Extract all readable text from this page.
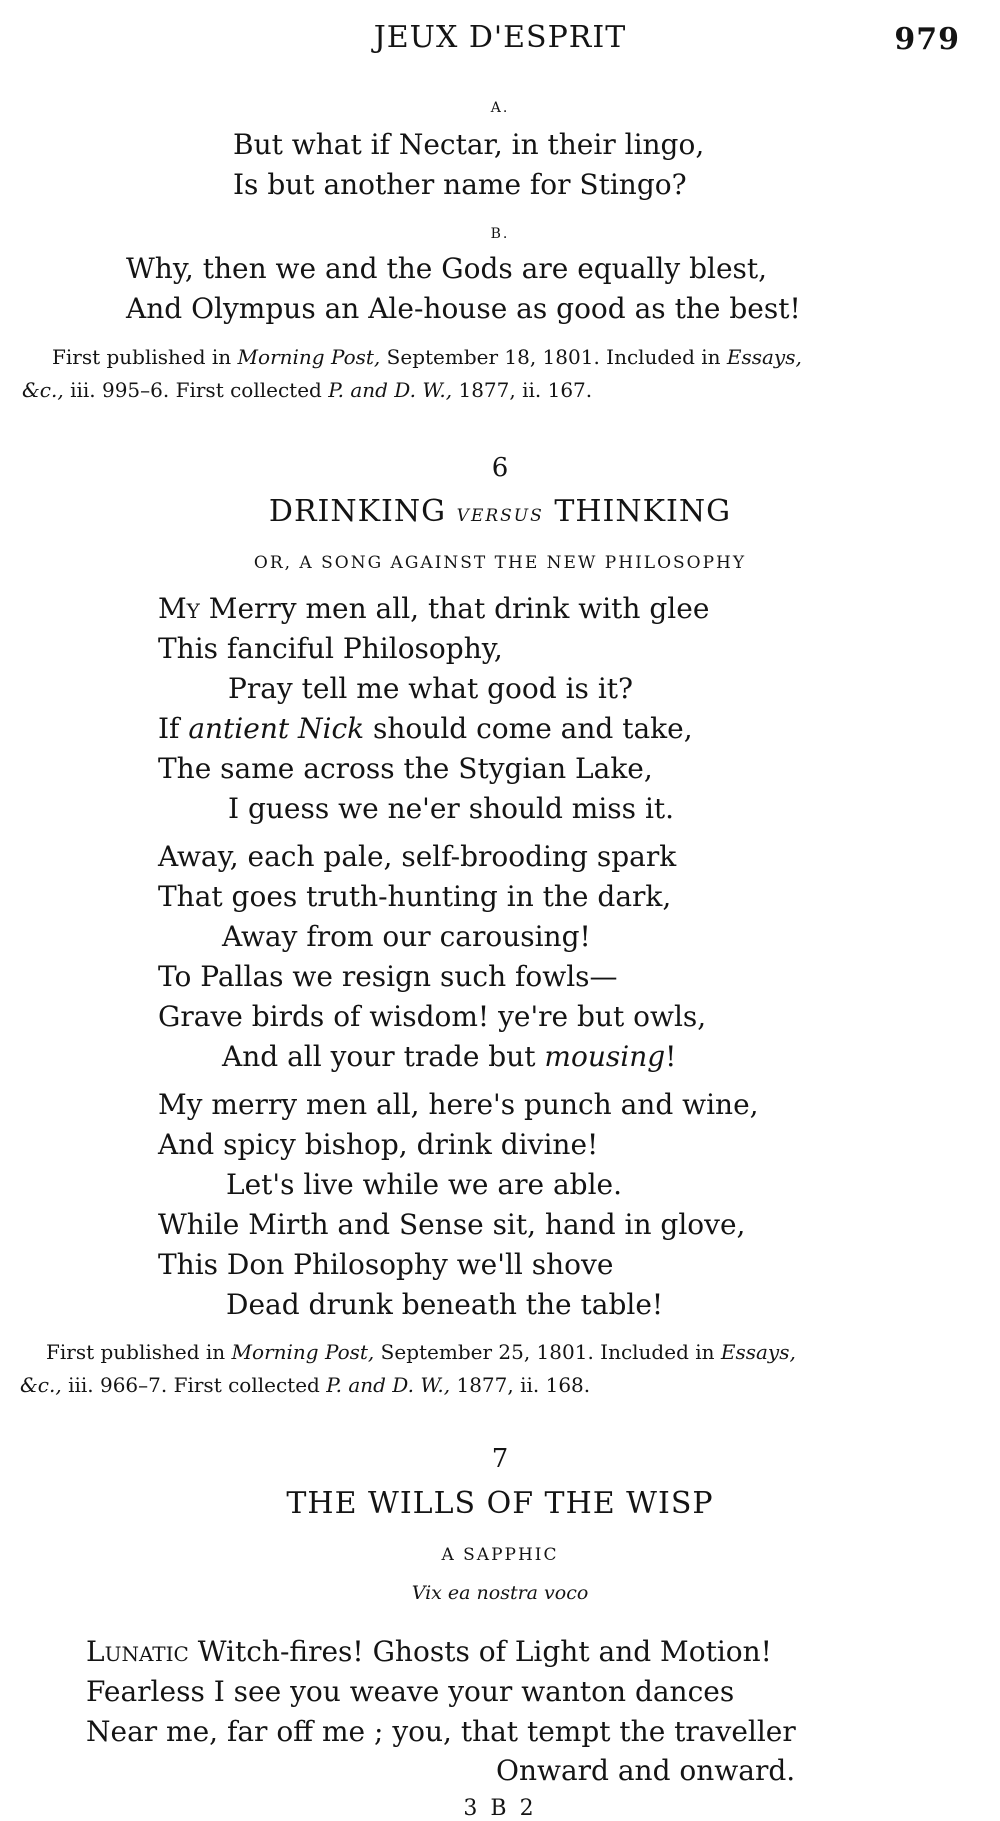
JEUX D'ESPRIT	979
A.
But what if Nectar, in their lingo,
Is but another name for Stingo?
B.
Why, then we and the Gods are equally blest,
And Olympus an Ale-house as good as the best!
First published in Morning Post, September 18, 1801. Included in Essays,
&c., iii. 995–6. First collected P. and D. W., 1877, ii. 167.
6
DRINKING VERSUS THINKING
OR, A SONG AGAINST THE NEW PHILOSOPHY
My Merry men all, that drink with glee
This fanciful Philosophy,
Pray tell me what good is it?
If antient Nick should come and take,
The same across the Stygian Lake,
I guess we ne'er should miss it.
Away, each pale, self-brooding spark
That goes truth-hunting in the dark,
Away from our carousing!
To Pallas we resign such fowls—
Grave birds of wisdom! ye're but owls,
And all your trade but mousing!
My merry men all, here's punch and wine,
And spicy bishop, drink divine!
Let's live while we are able.
While Mirth and Sense sit, hand in glove,
This Don Philosophy we'll shove
Dead drunk beneath the table!
First published in Morning Post, September 25, 1801. Included in Essays,
&c., iii. 966–7. First collected P. and D. W., 1877, ii. 168.
7
THE WILLS OF THE WISP
A SAPPHIC
Vix ea nostra voco
Lunatic Witch-fires! Ghosts of Light and Motion!
Fearless I see you weave your wanton dances
Near me, far off me ; you, that tempt the traveller
Onward and onward.
3 B 2
